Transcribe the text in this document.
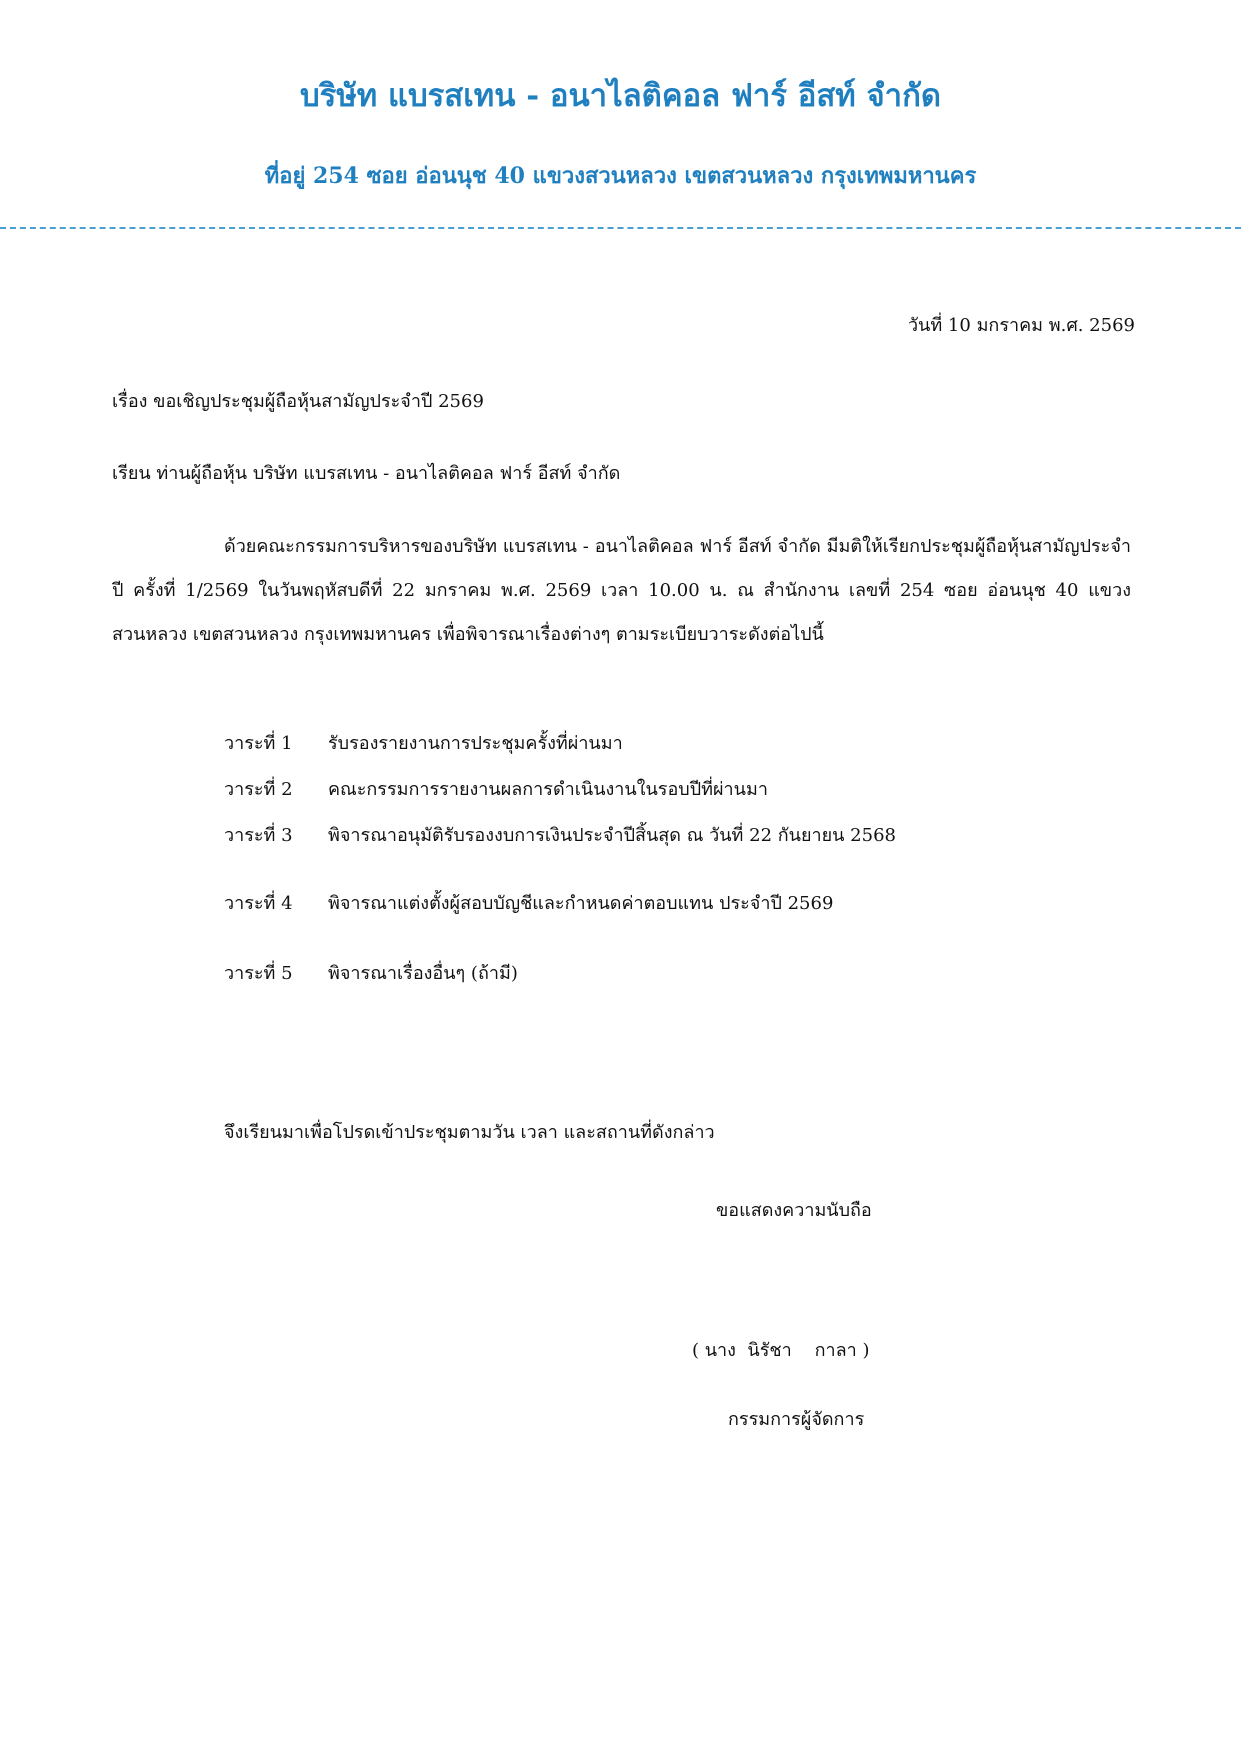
บริษัท แบรสเทน - อนาไลติคอล ฟาร์ อีสท์ จำกัด
ที่อยู่ 254 ซอย อ่อนนุช 40 แขวงสวนหลวง เขตสวนหลวง กรุงเทพมหานคร
วันที่ 10 มกราคม พ.ศ. 2569
เรื่อง ขอเชิญประชุมผู้ถือหุ้นสามัญประจำปี 2569
เรียน ท่านผู้ถือหุ้น บริษัท แบรสเทน - อนาไลติคอล ฟาร์ อีสท์ จำกัด
ด้วยคณะกรรมการบริหารของบริษัท แบรสเทน - อนาไลติคอล ฟาร์ อีสท์ จำกัด มีมติให้เรียกประชุมผู้ถือหุ้นสามัญประจำปี ครั้งที่ 1/2569 ในวันพฤหัสบดีที่ 22 มกราคม พ.ศ. 2569 เวลา 10.00 น. ณ สำนักงาน เลขที่ 254 ซอย อ่อนนุช 40 แขวงสวนหลวง เขตสวนหลวง กรุงเทพมหานคร เพื่อพิจารณาเรื่องต่างๆ ตามระเบียบวาระดังต่อไปนี้
วาระที่ 1 รับรองรายงานการประชุมครั้งที่ผ่านมา
วาระที่ 2 คณะกรรมการรายงานผลการดำเนินงานในรอบปีที่ผ่านมา
วาระที่ 3 พิจารณาอนุมัติรับรองงบการเงินประจำปีสิ้นสุด ณ วันที่ 22 กันยายน 2568
วาระที่ 4 พิจารณาแต่งตั้งผู้สอบบัญชีและกำหนดค่าตอบแทน ประจำปี 2569
วาระที่ 5 พิจารณาเรื่องอื่นๆ (ถ้ามี)
จึงเรียนมาเพื่อโปรดเข้าประชุมตามวัน เวลา และสถานที่ดังกล่าว
ขอแสดงความนับถือ
( นาง  นิรัชา    กาลา )
กรรมการผู้จัดการ
